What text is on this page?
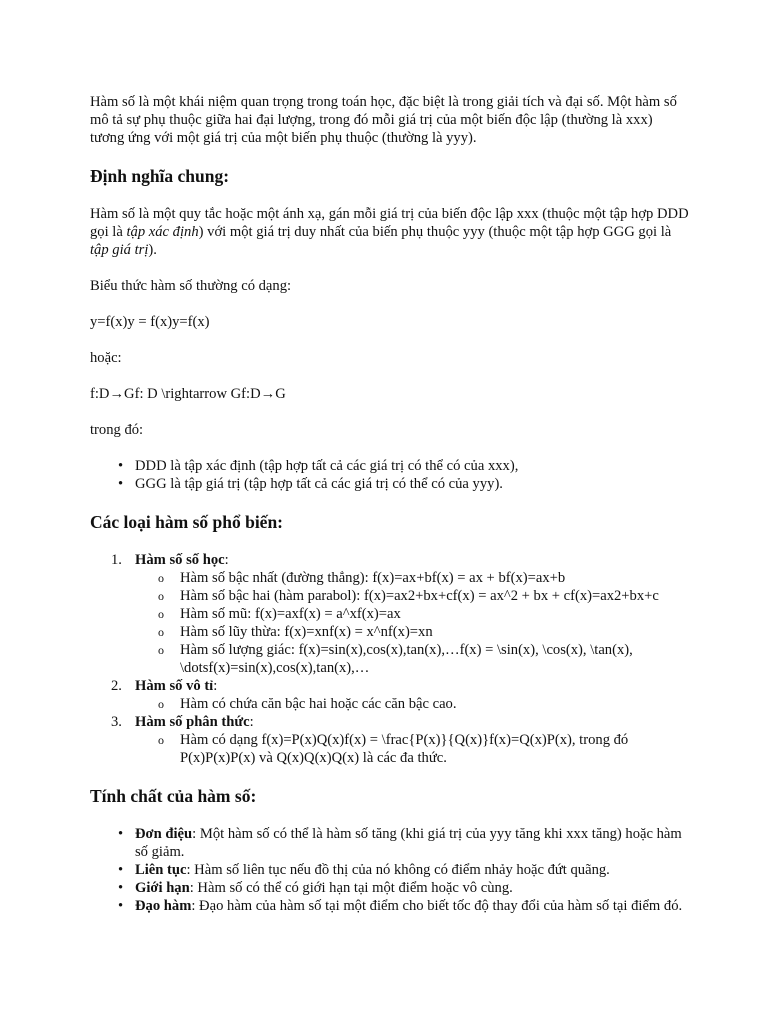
Hàm số là một khái niệm quan trọng trong toán học, đặc biệt là trong giải tích và đại số. Một hàm số mô tả sự phụ thuộc giữa hai đại lượng, trong đó mỗi giá trị của một biến độc lập (thường là xxx) tương ứng với một giá trị của một biến phụ thuộc (thường là yyy).

Định nghĩa chung:

Hàm số là một quy tắc hoặc một ánh xạ, gán mỗi giá trị của biến độc lập xxx (thuộc một tập hợp DDD gọi là tập xác định) với một giá trị duy nhất của biến phụ thuộc yyy (thuộc một tập hợp GGG gọi là tập giá trị).

Biểu thức hàm số thường có dạng:

y=f(x)y = f(x)y=f(x)

hoặc:

f:D→Gf: D \rightarrow Gf:D→G

trong đó:

• DDD là tập xác định (tập hợp tất cả các giá trị có thể có của xxx),
• GGG là tập giá trị (tập hợp tất cả các giá trị có thể có của yyy).
Các loại hàm số phổ biến:
1. Hàm số số học:
o Hàm số bậc nhất (đường thẳng): f(x)=ax+bf(x) = ax + bf(x)=ax+b
o Hàm số bậc hai (hàm parabol): f(x)=ax2+bx+cf(x) = ax^2 + bx + cf(x)=ax2+bx+c
o Hàm số mũ: f(x)=axf(x) = a^xf(x)=ax
o Hàm số lũy thừa: f(x)=xnf(x) = x^nf(x)=xn
o Hàm số lượng giác: f(x)=sin(x),cos(x),tan(x),…f(x) = \sin(x), \cos(x), \tan(x), \dotsf(x)=sin(x),cos(x),tan(x),…
2. Hàm số vô tỉ:
o Hàm có chứa căn bậc hai hoặc các căn bậc cao.
3. Hàm số phân thức:
o Hàm có dạng f(x)=P(x)Q(x)f(x) = \frac{P(x)}{Q(x)}f(x)=Q(x)P(x), trong đó P(x)P(x)P(x) và Q(x)Q(x)Q(x) là các đa thức.
Tính chất của hàm số:
• Đơn điệu: Một hàm số có thể là hàm số tăng (khi giá trị của yyy tăng khi xxx tăng) hoặc hàm số giảm.
• Liên tục: Hàm số liên tục nếu đồ thị của nó không có điểm nhảy hoặc đứt quãng.
• Giới hạn: Hàm số có thể có giới hạn tại một điểm hoặc vô cùng.
• Đạo hàm: Đạo hàm của hàm số tại một điểm cho biết tốc độ thay đổi của hàm số tại điểm đó.
